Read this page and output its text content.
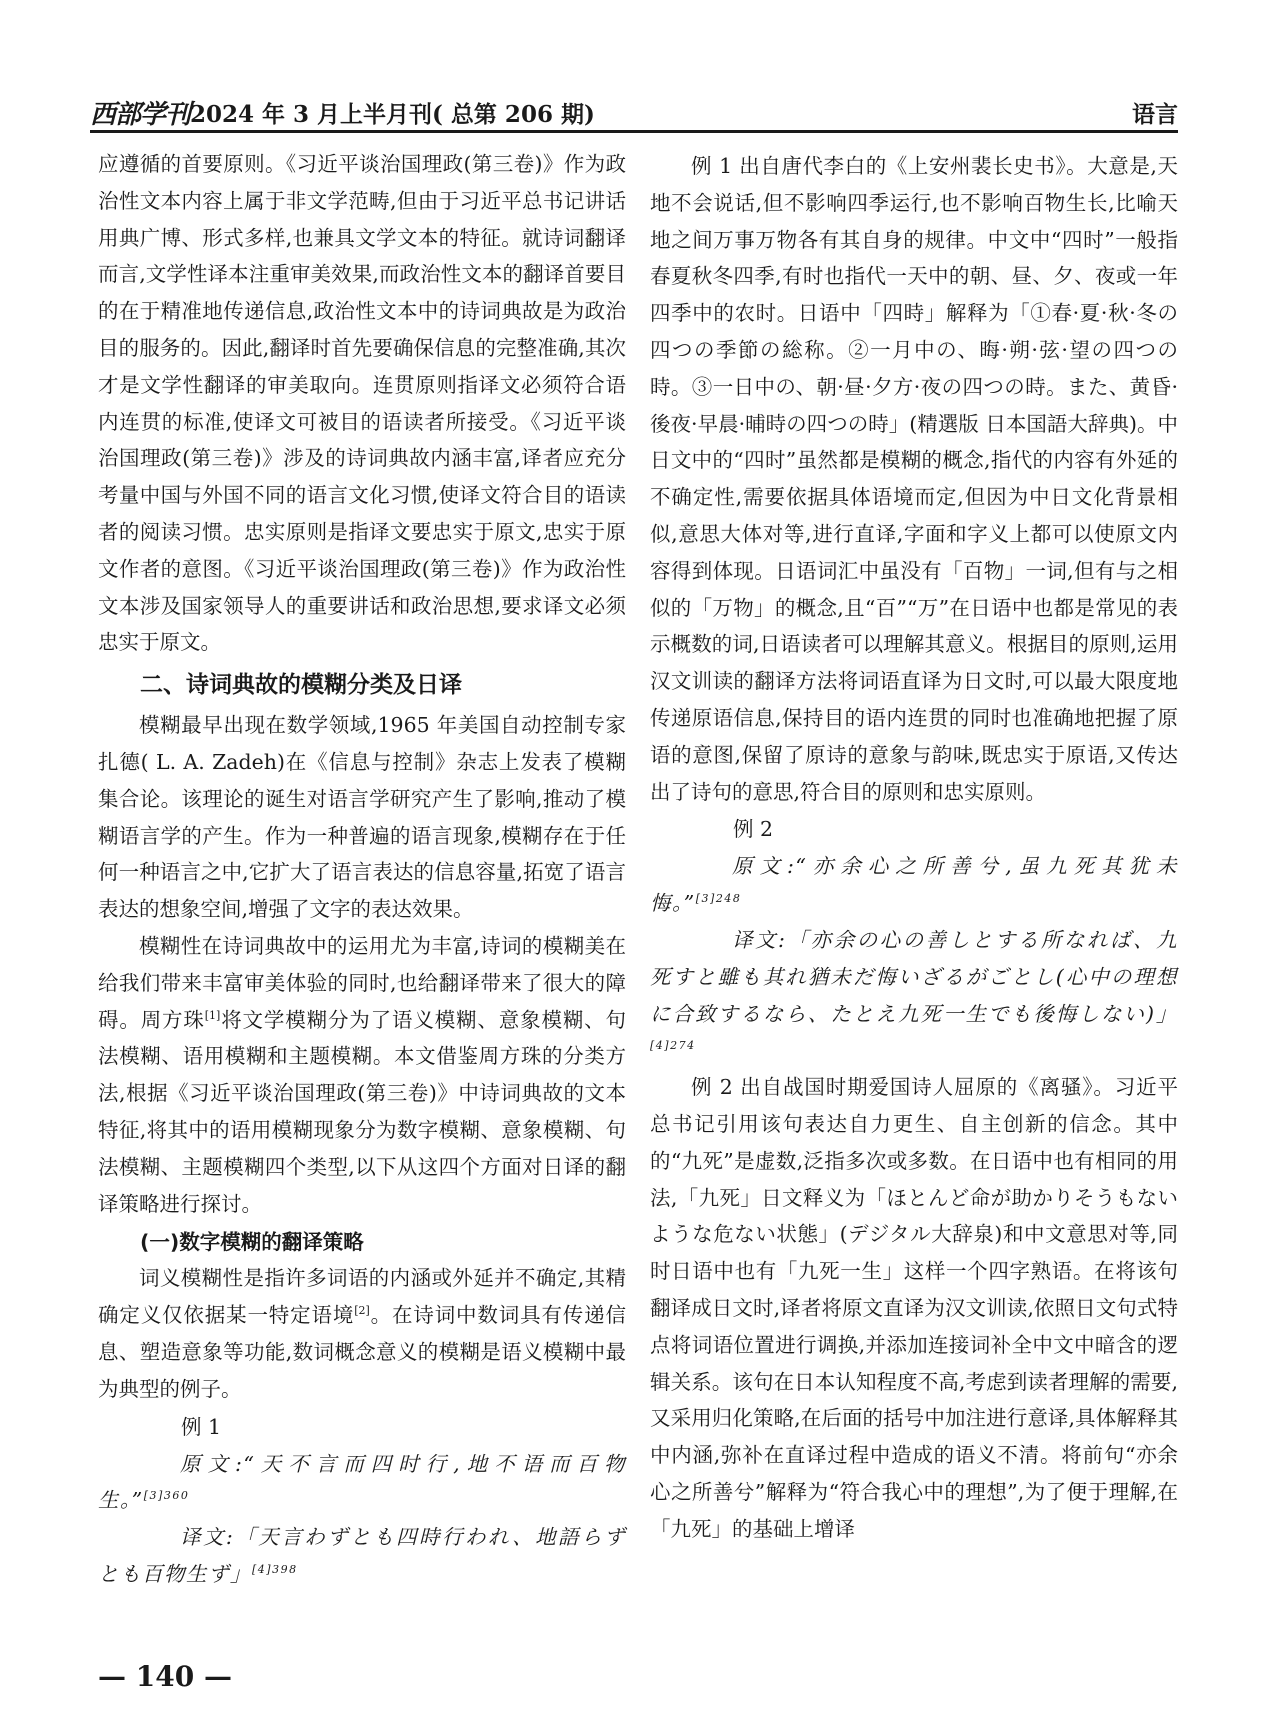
西部学刊 2024 年 3 月上半月刊( 总第 206 期)	语言

应遵循的首要原则。《习近平谈治国理政(第三卷)》作为政治性文本内容上属于非文学范畴,但由于习近平总书记讲话用典广博、形式多样,也兼具文学文本的特征。就诗词翻译而言,文学性译本注重审美效果,而政治性文本的翻译首要目的在于精准地传递信息,政治性文本中的诗词典故是为政治目的服务的。因此,翻译时首先要确保信息的完整准确,其次才是文学性翻译的审美取向。连贯原则指译文必须符合语内连贯的标准,使译文可被目的语读者所接受。《习近平谈治国理政(第三卷)》涉及的诗词典故内涵丰富,译者应充分考量中国与外国不同的语言文化习惯,使译文符合目的语读者的阅读习惯。忠实原则是指译文要忠实于原文,忠实于原文作者的意图。《习近平谈治国理政(第三卷)》作为政治性文本涉及国家领导人的重要讲话和政治思想,要求译文必须忠实于原文。

二、诗词典故的模糊分类及日译

模糊最早出现在数学领域,1965 年美国自动控制专家扎德( L. A. Zadeh)在《信息与控制》杂志上发表了模糊集合论。该理论的诞生对语言学研究产生了影响,推动了模糊语言学的产生。作为一种普遍的语言现象,模糊存在于任何一种语言之中,它扩大了语言表达的信息容量,拓宽了语言表达的想象空间,增强了文字的表达效果。

模糊性在诗词典故中的运用尤为丰富,诗词的模糊美在给我们带来丰富审美体验的同时,也给翻译带来了很大的障碍。周方珠[1]将文学模糊分为了语义模糊、意象模糊、句法模糊、语用模糊和主题模糊。本文借鉴周方珠的分类方法,根据《习近平谈治国理政(第三卷)》中诗词典故的文本特征,将其中的语用模糊现象分为数字模糊、意象模糊、句法模糊、主题模糊四个类型,以下从这四个方面对日译的翻译策略进行探讨。

(一)数字模糊的翻译策略

词义模糊性是指许多词语的内涵或外延并不确定,其精确定义仅依据某一特定语境[2]。在诗词中数词具有传递信息、塑造意象等功能,数词概念意义的模糊是语义模糊中最为典型的例子。

例 1

原文:“天不言而四时行,地不语而百物生。”$^{[3]360}$

译文:「天言わずとも四時行われ、地語らずとも百物生ず」$^{[4]398}$

例 1 出自唐代李白的《上安州裴长史书》。大意是,天地不会说话,但不影响四季运行,也不影响百物生长,比喻天地之间万事万物各有其自身的规律。中文中“四时”一般指春夏秋冬四季,有时也指代一天中的朝、昼、夕、夜或一年四季中的农时。日语中「四時」解释为「①春·夏·秋·冬の四つの季節の総称。②一月中の、晦·朔·弦·望の四つの時。③一日中の、朝·昼·夕方·夜の四つの時。また、黄昏·後夜·早晨·晡時の四つの時」(精選版 日本国語大辞典)。中日文中的“四时”虽然都是模糊的概念,指代的内容有外延的不确定性,需要依据具体语境而定,但因为中日文化背景相似,意思大体对等,进行直译,字面和字义上都可以使原文内容得到体现。日语词汇中虽没有「百物」一词,但有与之相似的「万物」的概念,且“百”“万”在日语中也都是常见的表示概数的词,日语读者可以理解其意义。根据目的原则,运用汉文训读的翻译方法将词语直译为日文时,可以最大限度地传递原语信息,保持目的语内连贯的同时也准确地把握了原语的意图,保留了原诗的意象与韵味,既忠实于原语,又传达出了诗句的意思,符合目的原则和忠实原则。

例 2

原文:“亦余心之所善兮,虽九死其犹未悔。”$^{[3]248}$

译文:「亦余の心の善しとする所なれば、九死すと雖も其れ猶未だ悔いざるがごとし(心中の理想に合致するなら、たとえ九死一生でも後悔しない)」$^{[4]274}$

例 2 出自战国时期爱国诗人屈原的《离骚》。习近平总书记引用该句表达自力更生、自主创新的信念。其中的“九死”是虚数,泛指多次或多数。在日语中也有相同的用法,「九死」日文释义为「ほとんど命が助かりそうもないような危ない状態」(デジタル大辞泉)和中文意思对等,同时日语中也有「九死一生」这样一个四字熟语。在将该句翻译成日文时,译者将原文直译为汉文训读,依照日文句式特点将词语位置进行调换,并添加连接词补全中文中暗含的逻辑关系。该句在日本认知程度不高,考虑到读者理解的需要,又采用归化策略,在后面的括号中加注进行意译,具体解释其中内涵,弥补在直译过程中造成的语义不清。将前句“亦余心之所善兮”解释为“符合我心中的理想”,为了便于理解,在「九死」的基础上增译

— 140 —
